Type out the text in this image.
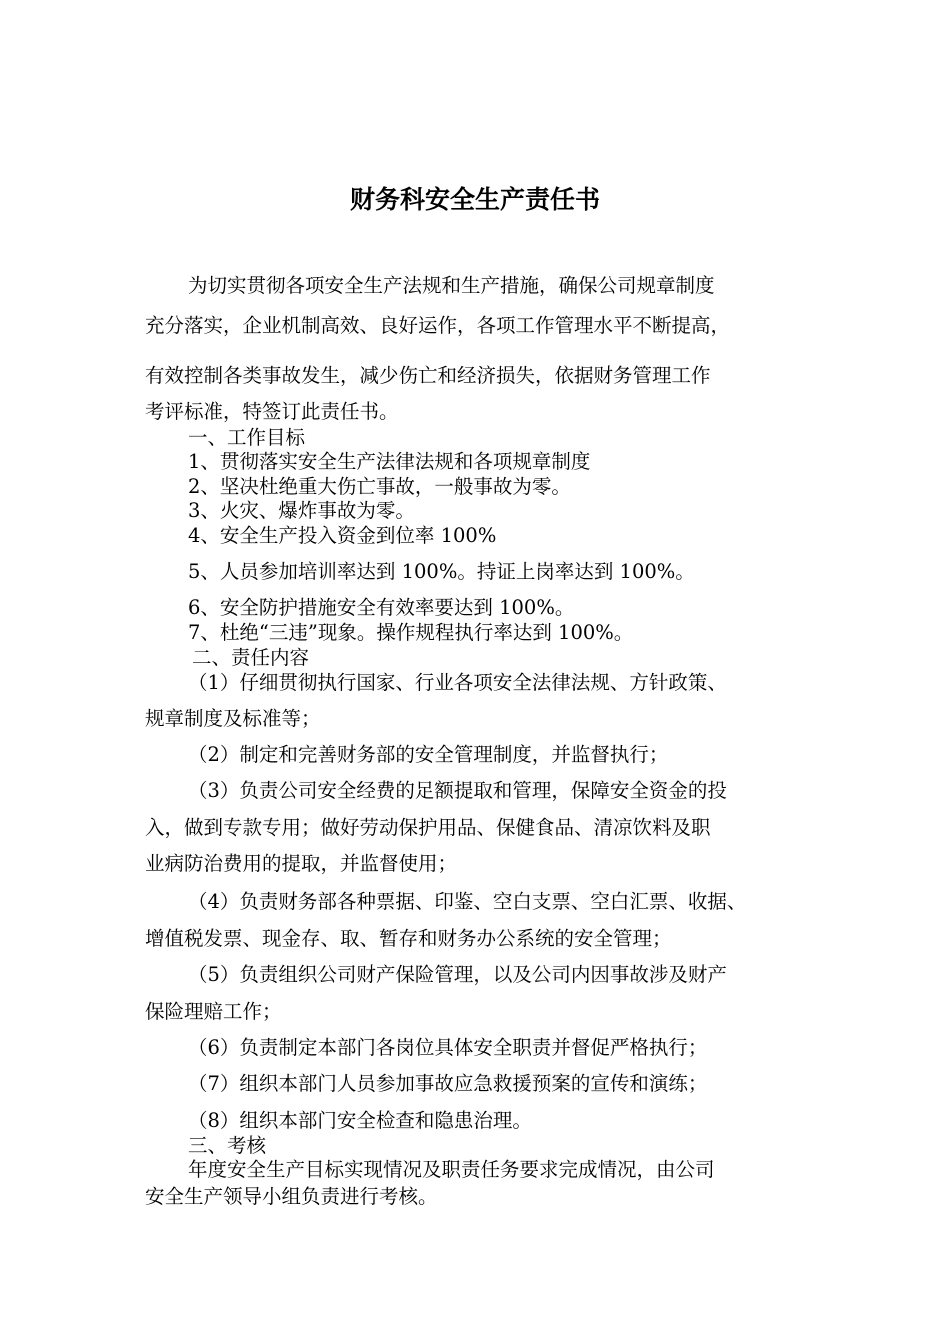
财务科安全生产责任书
为切实贯彻各项安全生产法规和生产措施，确保公司规章制度
充分落实，企业机制高效、良好运作，各项工作管理水平不断提高，
有效控制各类事故发生，减少伤亡和经济损失，依据财务管理工作
考评标准，特签订此责任书。
一、工作目标
1、贯彻落实安全生产法律法规和各项规章制度
2、坚决杜绝重大伤亡事故，一般事故为零。
3、火灾、爆炸事故为零。
4、安全生产投入资金到位率 100%
5、人员参加培训率达到 100%。持证上岗率达到 100%。
6、安全防护措施安全有效率要达到 100%。
7、杜绝“三违”现象。操作规程执行率达到 100%。
二、责任内容
（1）仔细贯彻执行国家、行业各项安全法律法规、方针政策、
规章制度及标准等；
（2）制定和完善财务部的安全管理制度，并监督执行；
（3）负责公司安全经费的足额提取和管理，保障安全资金的投
入，做到专款专用；做好劳动保护用品、保健食品、清凉饮料及职
业病防治费用的提取，并监督使用；
（4）负责财务部各种票据、印鉴、空白支票、空白汇票、收据、
增值税发票、现金存、取、暂存和财务办公系统的安全管理；
（5）负责组织公司财产保险管理，以及公司内因事故涉及财产
保险理赔工作；
（6）负责制定本部门各岗位具体安全职责并督促严格执行；
（7）组织本部门人员参加事故应急救援预案的宣传和演练；
（8）组织本部门安全检查和隐患治理。
三、考核
年度安全生产目标实现情况及职责任务要求完成情况，由公司
安全生产领导小组负责进行考核。
